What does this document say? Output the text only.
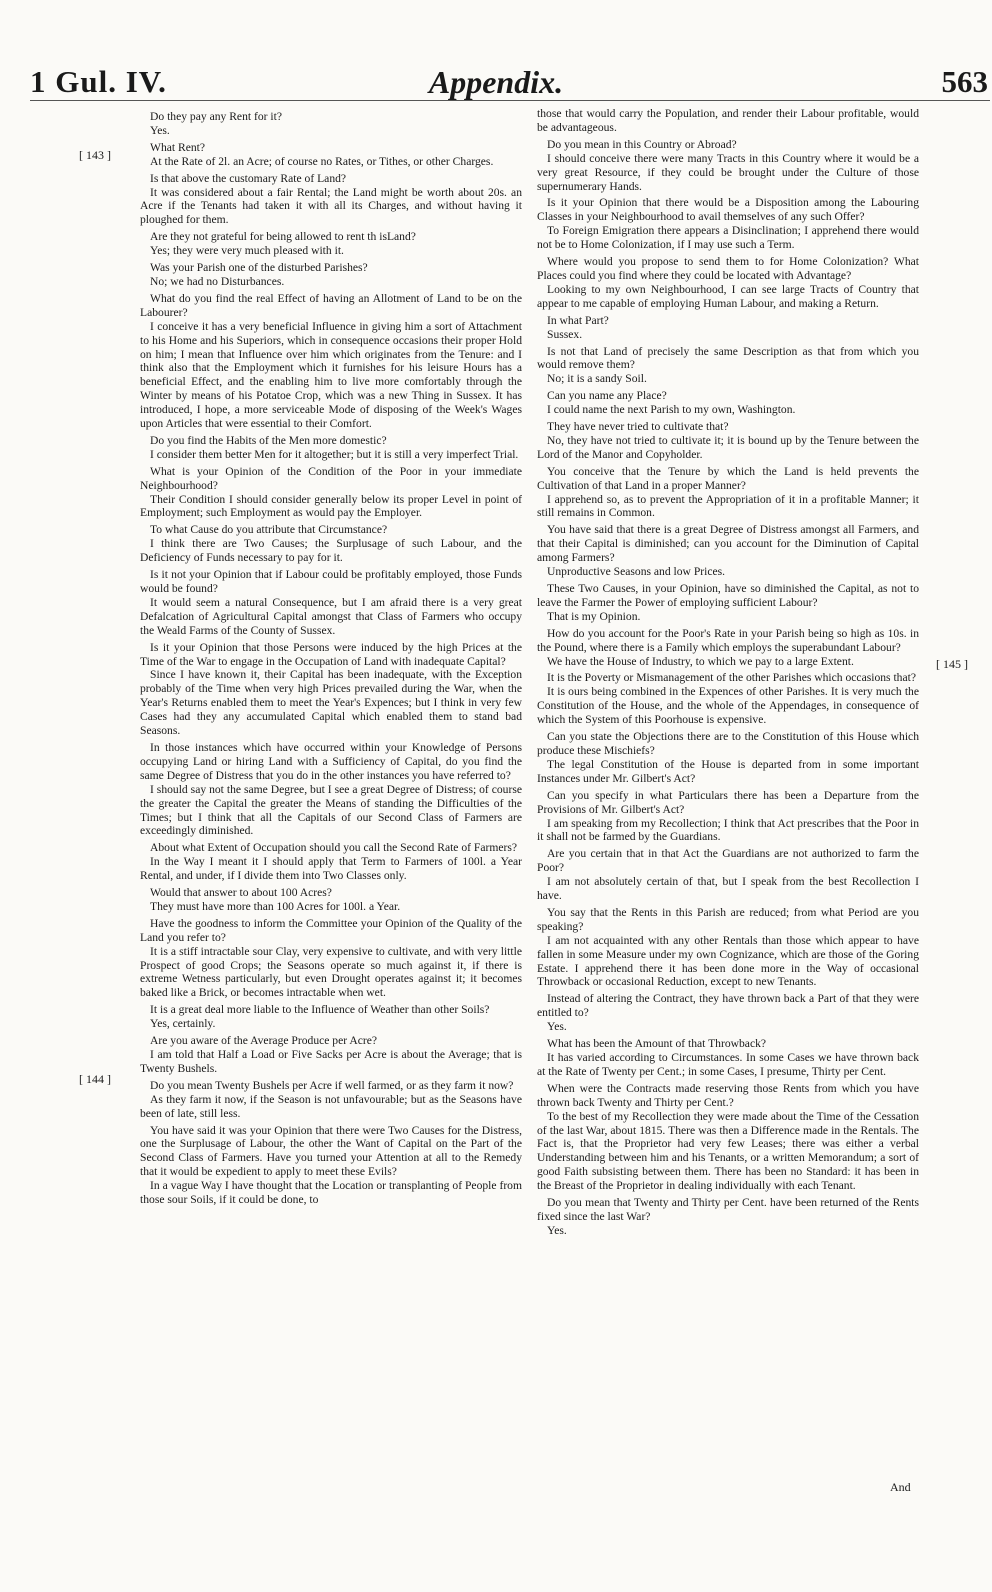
1 Gul. IV.	Appendix.	563
[ 143 ]
[ 144 ]
[ 145 ]

Do they pay any Rent for it?

Yes.

What Rent?

At the Rate of 2l. an Acre; of course no Rates, or Tithes, or other Charges.

Is that above the customary Rate of Land?

It was considered about a fair Rental; the Land might be worth about 20s. an Acre if the Tenants had taken it with all its Charges, and without having it ploughed for them.

Are they not grateful for being allowed to rent th isLand?

Yes; they were very much pleased with it.

Was your Parish one of the disturbed Parishes?

No; we had no Disturbances.

What do you find the real Effect of having an Allotment of Land to be on the Labourer?

I conceive it has a very beneficial Influence in giving him a sort of Attachment to his Home and his Superiors, which in consequence occasions their proper Hold on him; I mean that Influence over him which originates from the Tenure: and I think also that the Employment which it furnishes for his leisure Hours has a beneficial Effect, and the enabling him to live more comfortably through the Winter by means of his Potatoe Crop, which was a new Thing in Sussex. It has introduced, I hope, a more serviceable Mode of disposing of the Week's Wages upon Articles that were essential to their Comfort.

Do you find the Habits of the Men more domestic?

I consider them better Men for it altogether; but it is still a very imperfect Trial.

What is your Opinion of the Condition of the Poor in your immediate Neighbourhood?

Their Condition I should consider generally below its proper Level in point of Employment; such Employment as would pay the Employer.

To what Cause do you attribute that Circumstance?

I think there are Two Causes; the Surplusage of such Labour, and the Deficiency of Funds necessary to pay for it.

Is it not your Opinion that if Labour could be profitably employed, those Funds would be found?

It would seem a natural Consequence, but I am afraid there is a very great Defalcation of Agricultural Capital amongst that Class of Farmers who occupy the Weald Farms of the County of Sussex.

Is it your Opinion that those Persons were induced by the high Prices at the Time of the War to engage in the Occupation of Land with inadequate Capital?

Since I have known it, their Capital has been inadequate, with the Exception probably of the Time when very high Prices prevailed during the War, when the Year's Returns enabled them to meet the Year's Expences; but I think in very few Cases had they any accumulated Capital which enabled them to stand bad Seasons.

In those instances which have occurred within your Knowledge of Persons occupying Land or hiring Land with a Sufficiency of Capital, do you find the same Degree of Distress that you do in the other instances you have referred to?

I should say not the same Degree, but I see a great Degree of Distress; of course the greater the Capital the greater the Means of standing the Difficulties of the Times; but I think that all the Capitals of our Second Class of Farmers are exceedingly diminished.

About what Extent of Occupation should you call the Second Rate of Farmers?

In the Way I meant it I should apply that Term to Farmers of 100l. a Year Rental, and under, if I divide them into Two Classes only.

Would that answer to about 100 Acres?

They must have more than 100 Acres for 100l. a Year.

Have the goodness to inform the Committee your Opinion of the Quality of the Land you refer to?

It is a stiff intractable sour Clay, very expensive to cultivate, and with very little Prospect of good Crops; the Seasons operate so much against it, if there is extreme Wetness particularly, but even Drought operates against it; it becomes baked like a Brick, or becomes intractable when wet.

It is a great deal more liable to the Influence of Weather than other Soils?

Yes, certainly.

Are you aware of the Average Produce per Acre?

I am told that Half a Load or Five Sacks per Acre is about the Average; that is Twenty Bushels.

Do you mean Twenty Bushels per Acre if well farmed, or as they farm it now?

As they farm it now, if the Season is not unfavourable; but as the Seasons have been of late, still less.

You have said it was your Opinion that there were Two Causes for the Distress, one the Surplusage of Labour, the other the Want of Capital on the Part of the Second Class of Farmers. Have you turned your Attention at all to the Remedy that it would be expedient to apply to meet these Evils?

In a vague Way I have thought that the Location or transplanting of People from those sour Soils, if it could be done, to

those that would carry the Population, and render their Labour profitable, would be advantageous.

Do you mean in this Country or Abroad?

I should conceive there were many Tracts in this Country where it would be a very great Resource, if they could be brought under the Culture of those supernumerary Hands.

Is it your Opinion that there would be a Disposition among the Labouring Classes in your Neighbourhood to avail themselves of any such Offer?

To Foreign Emigration there appears a Disinclination; I apprehend there would not be to Home Colonization, if I may use such a Term.

Where would you propose to send them to for Home Colonization? What Places could you find where they could be located with Advantage?

Looking to my own Neighbourhood, I can see large Tracts of Country that appear to me capable of employing Human Labour, and making a Return.

In what Part?

Sussex.

Is not that Land of precisely the same Description as that from which you would remove them?

No; it is a sandy Soil.

Can you name any Place?

I could name the next Parish to my own, Washington.

They have never tried to cultivate that?

No, they have not tried to cultivate it; it is bound up by the Tenure between the Lord of the Manor and Copyholder.

You conceive that the Tenure by which the Land is held prevents the Cultivation of that Land in a proper Manner?

I apprehend so, as to prevent the Appropriation of it in a profitable Manner; it still remains in Common.

You have said that there is a great Degree of Distress amongst all Farmers, and that their Capital is diminished; can you account for the Diminution of Capital among Farmers?

Unproductive Seasons and low Prices.

These Two Causes, in your Opinion, have so diminished the Capital, as not to leave the Farmer the Power of employing sufficient Labour?

That is my Opinion.

How do you account for the Poor's Rate in your Parish being so high as 10s. in the Pound, where there is a Family which employs the superabundant Labour?

We have the House of Industry, to which we pay to a large Extent.

It is the Poverty or Mismanagement of the other Parishes which occasions that?

It is ours being combined in the Expences of other Parishes. It is very much the Constitution of the House, and the whole of the Appendages, in consequence of which the System of this Poorhouse is expensive.

Can you state the Objections there are to the Constitution of this House which produce these Mischiefs?

The legal Constitution of the House is departed from in some important Instances under Mr. Gilbert's Act?

Can you specify in what Particulars there has been a Departure from the Provisions of Mr. Gilbert's Act?

I am speaking from my Recollection; I think that Act prescribes that the Poor in it shall not be farmed by the Guardians.

Are you certain that in that Act the Guardians are not authorized to farm the Poor?

I am not absolutely certain of that, but I speak from the best Recollection I have.

You say that the Rents in this Parish are reduced; from what Period are you speaking?

I am not acquainted with any other Rentals than those which appear to have fallen in some Measure under my own Cognizance, which are those of the Goring Estate. I apprehend there it has been done more in the Way of occasional Throwback or occasional Reduction, except to new Tenants.

Instead of altering the Contract, they have thrown back a Part of that they were entitled to?

Yes.

What has been the Amount of that Throwback?

It has varied according to Circumstances. In some Cases we have thrown back at the Rate of Twenty per Cent.; in some Cases, I presume, Thirty per Cent.

When were the Contracts made reserving those Rents from which you have thrown back Twenty and Thirty per Cent.?

To the best of my Recollection they were made about the Time of the Cessation of the last War, about 1815. There was then a Difference made in the Rentals. The Fact is, that the Proprietor had very few Leases; there was either a verbal Understanding between him and his Tenants, or a written Memorandum; a sort of good Faith subsisting between them. There has been no Standard: it has been in the Breast of the Proprietor in dealing individually with each Tenant.

Do you mean that Twenty and Thirty per Cent. have been returned of the Rents fixed since the last War?

Yes.

And
